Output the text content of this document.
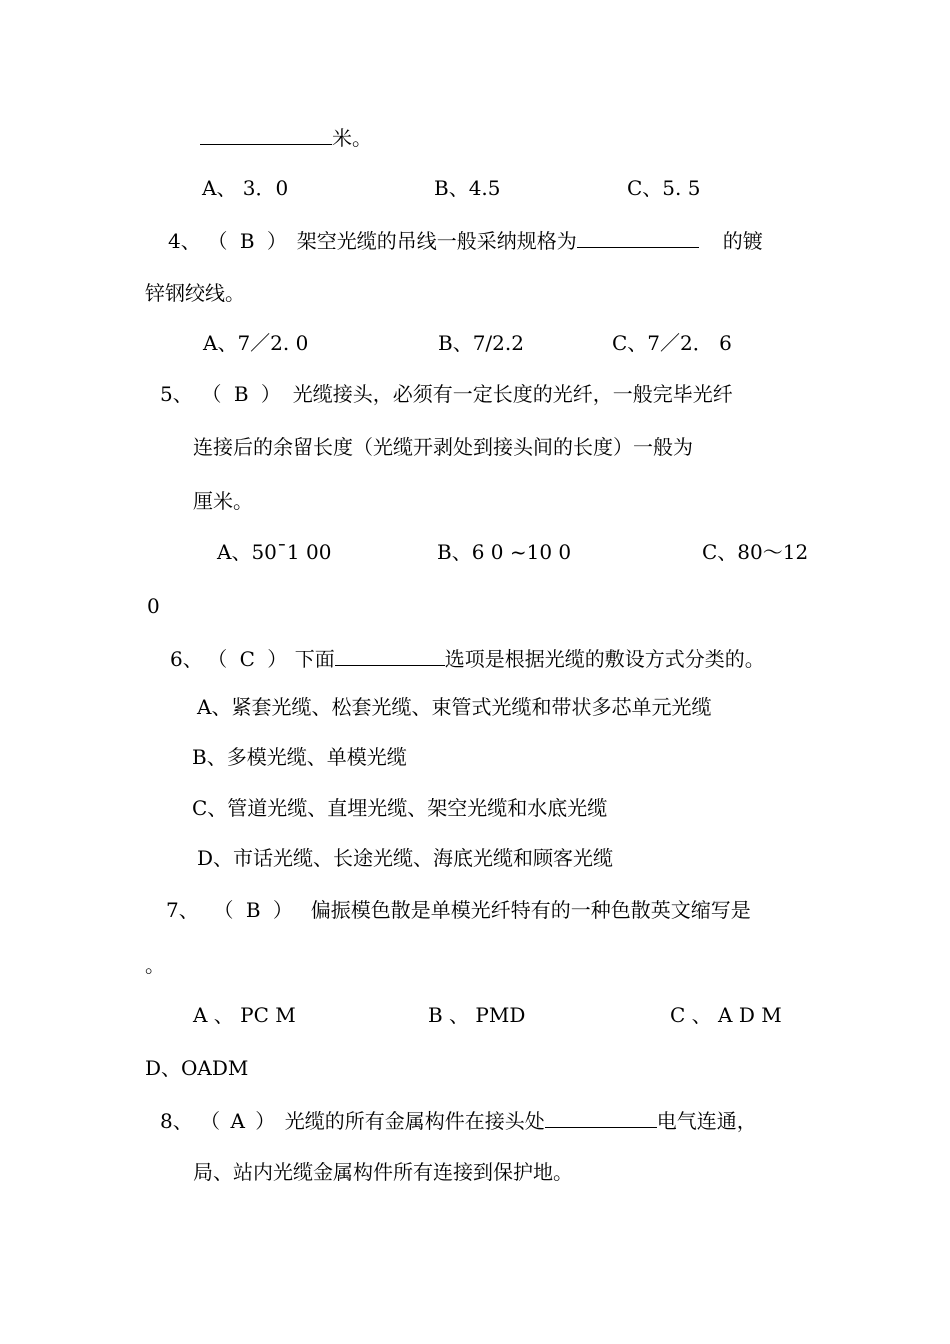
米。
A、 3．0	B、4.5	C、5. 5
4、 （ B ） 架空光缆的吊线一般采纳规格为	的镀
锌钢绞线。
A、7／2. 0	B、7/2.2	C、7／2． 6
5、 （ B ） 光缆接头，必须有一定长度的光纤，一般完毕光纤
连接后的余留长度（光缆开剥处到接头间的长度）一般为
厘米。
A、50¯1 00	B、6 0 ~10 0	C、80～12
0
6、 （ C ） 下面	选项是根据光缆的敷设方式分类的。
A、紧套光缆、松套光缆、束管式光缆和带状多芯单元光缆
B、多模光缆、单模光缆
C、管道光缆、直埋光缆、架空光缆和水底光缆
D、市话光缆、长途光缆、海底光缆和顾客光缆
7、 （ B ） 偏振模色散是单模光纤特有的一种色散英文缩写是
。
A 、 PC M	B 、 PMD	C 、 A D M
D、OADM
8、 （ A ） 光缆的所有金属构件在接头处	电气连通，
局、站内光缆金属构件所有连接到保护地。
